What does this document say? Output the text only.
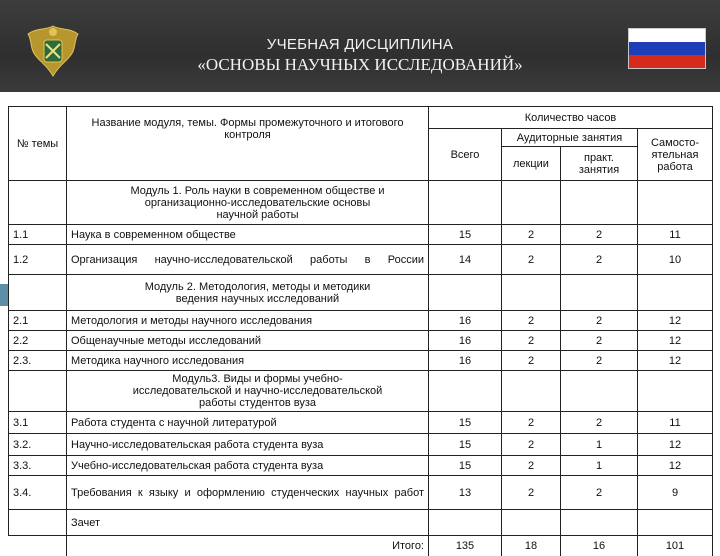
УЧЕБНАЯ ДИСЦИПЛИНА
«ОСНОВЫ НАУЧНЫХ ИССЛЕДОВАНИЙ»
№ темы	Название модуля, темы. Формы промежуточного и итогового контроля	Количество часов			
		Всего	Аудиторные занятия		Самосто- ятельная работа
			лекции	практ. занятия	
	Модуль 1. Роль науки в современном обществе и организационно-исследовательские основы научной работы				
1.1	Наука в современном обществе	15	2	2	11
1.2	Организация научно-исследовательской работы в России	14	2	2	10
	Модуль 2. Методология, методы и методики ведения научных исследований				
2.1	Методология и методы научного исследования	16	2	2	12
2.2	Общенаучные методы исследований	16	2	2	12
2.3.	Методика научного исследования	16	2	2	12
	Модуль3. Виды и формы учебно-исследовательской и научно-исследовательской работы студентов вуза				
3.1	Работа студента с научной литературой	15	2	2	11
3.2.	Научно-исследовательская работа студента вуза	15	2	1	12
3.3.	Учебно-исследовательская работа студента вуза	15	2	1	12
3.4.	Требования к языку и оформлению студенческих научных работ	13	2	2	9
	Зачет				
	Итого:	135	18	16	101
